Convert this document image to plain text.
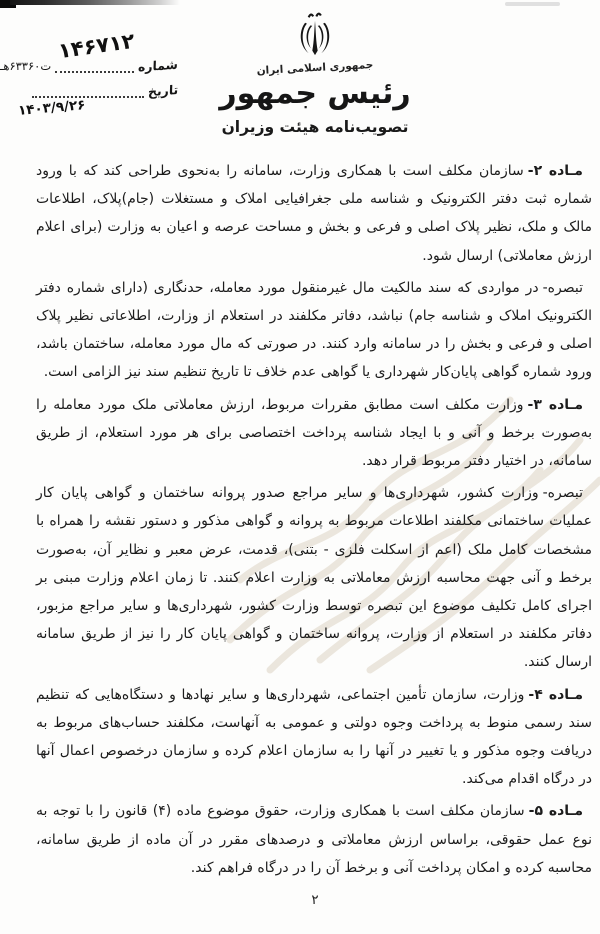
۱۴۶۷۱۲
شماره
ت
۶۳۳۶۰هـ
تاریخ
۱۴۰۳/۹/۲۶
جمهوری اسلامی ایران
رئیس جمهور
تصویب‌نامه هیئت وزیران

مـاده ۲-سازمان مکلف است با همکاری وزارت، سامانه را به‌نحوی طراحی کند که با ورود شماره ثبت دفتر الکترونیک و شناسه ملی جغرافیایی املاک و مستغلات (جام)پلاک، اطلاعات مالک و ملک، نظیر پلاک اصلی و فرعی و بخش و مساحت عرصه و اعیان به وزارت (برای اعلام ارزش معاملاتی) ارسال شود.

تبصره-در مواردی که سند مالکیت مال غیرمنقول مورد معامله، حدنگاری (دارای شماره دفتر الکترونیک املاک و شناسه جام) نباشد، دفاتر مکلفند در استعلام از وزارت، اطلاعاتی نظیر پلاک اصلی و فرعی و بخش را در سامانه وارد کنند. در صورتی که مال مورد معامله، ساختمان باشد، ورود شماره گواهی پایان‌کار شهرداری یا گواهی عدم خلاف تا تاریخ تنظیم سند نیز الزامی است.

مـاده ۳-وزارت مکلف است مطابق مقررات مربوط، ارزش معاملاتی ملک مورد معامله را به‌صورت برخط و آنی و با ایجاد شناسه پرداخت اختصاصی برای هر مورد استعلام، از طریق سامانه، در اختیار دفتر مربوط قرار دهد.

تبصره-وزارت کشور، شهرداری‌ها و سایر مراجع صدور پروانه ساختمان و گواهی پایان کار عملیات ساختمانی مکلفند اطلاعات مربوط به پروانه و گواهی مذکور و دستور نقشه را همراه با مشخصات کامل ملک (اعم از اسکلت فلزی - بتنی)، قدمت، عرض معبر و نظایر آن، به‌صورت برخط و آنی جهت محاسبه ارزش معاملاتی به وزارت اعلام کنند. تا زمان اعلام وزارت مبنی بر اجرای کامل تکلیف موضوع این تبصره توسط وزارت کشور، شهرداری‌ها و سایر مراجع مزبور، دفاتر مکلفند در استعلام از وزارت، پروانه ساختمان و گواهی پایان کار را نیز از طریق سامانه ارسال کنند.

مـاده ۴-وزارت، سازمان تأمین اجتماعی، شهرداری‌ها و سایر نهادها و دستگاه‌هایی که تنظیم سند رسمی منوط به پرداخت وجوه دولتی و عمومی به آنهاست، مکلفند حساب‌های مربوط به دریافت وجوه مذکور و یا تغییر در آنها را به سازمان اعلام کرده و سازمان درخصوص اعمال آنها در درگاه اقدام می‌کند.

مـاده ۵-سازمان مکلف است با همکاری وزارت، حقوق موضوع ماده (۴) قانون را با توجه به نوع عمل حقوقی، براساس ارزش معاملاتی و درصدهای مقرر در آن ماده از طریق سامانه، محاسبه کرده و امکان پرداخت آنی و برخط آن را در درگاه فراهم کند.

۲
